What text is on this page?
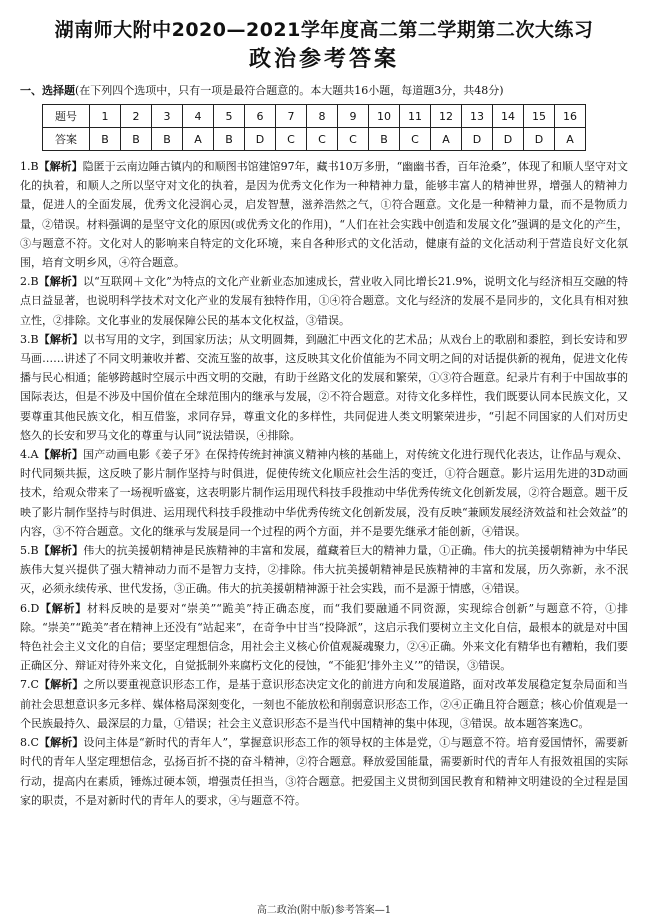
湖南师大附中2020—2021学年度高二第二学期第二次大练习
政治参考答案

一、选择题(在下列四个选项中，只有一项是最符合题意的。本大题共16小题，每道题3分，共48分)

题号	1	2	3	4	5	6	7	8	9	10	11	12	13	14	15	16
答案	B	B	B	A	B	D	C	C	C	B	C	A	D	D	D	A

1.B【解析】隐匿于云南边陲古镇内的和顺图书馆建馆97年，藏书10万多册，“幽幽书香，百年沧桑”，体现了和顺人坚守对文化的执着，和顺人之所以坚守对文化的执着，是因为优秀文化作为一种精神力量，能够丰富人的精神世界，增强人的精神力量，促进人的全面发展，优秀文化浸润心灵，启发智慧，滋养浩然之气，①符合题意。文化是一种精神力量，而不是物质力量，②错误。材料强调的是坚守文化的原因(或优秀文化的作用)，“人们在社会实践中创造和发展文化”强调的是文化的产生，③与题意不符。文化对人的影响来自特定的文化环境，来自各种形式的文化活动，健康有益的文化活动利于营造良好文化氛围，培育文明乡风，④符合题意。

2.B【解析】以“互联网＋文化”为特点的文化产业新业态加速成长，营业收入同比增长21.9%，说明文化与经济相互交融的特点日益显著，也说明科学技术对文化产业的发展有独特作用，①④符合题意。文化与经济的发展不是同步的，文化具有相对独立性，②排除。文化事业的发展保障公民的基本文化权益，③错误。

3.B【解析】以书写用的文字，到国家历法；从文明圆舞，到融汇中西文化的艺术品；从戏台上的歌剧和黍腔，到长安诗和罗马画……讲述了不同文明兼收并蓄、交流互鉴的故事，这反映其文化价值能为不同文明之间的对话提供新的视角，促进文化传播与民心相通；能够跨越时空展示中西文明的交融，有助于丝路文化的发展和繁荣，①③符合题意。纪录片有利于中国故事的国际表达，但是不涉及中国价值在全球范围内的继承与发展，②不符合题意。对待文化多样性，我们既要认同本民族文化，又要尊重其他民族文化，相互借鉴，求同存异，尊重文化的多样性，共同促进人类文明繁荣进步，“引起不同国家的人们对历史悠久的长安和罗马文化的尊重与认同”说法错误，④排除。

4.A【解析】国产动画电影《姜子牙》在保持传统封神演义精神内核的基础上，对传统文化进行现代化表达，让作品与观众、时代同频共振，这反映了影片制作坚持与时俱进，促使传统文化顺应社会生活的变迁，①符合题意。影片运用先进的3D动画技术，给观众带来了一场视听盛宴，这表明影片制作运用现代科技手段推动中华优秀传统文化创新发展，②符合题意。题干反映了影片制作坚持与时俱进、运用现代科技手段推动中华优秀传统文化创新发展，没有反映“兼顾发展经济效益和社会效益”的内容，③不符合题意。文化的继承与发展是同一个过程的两个方面，并不是要先继承才能创新，④错误。

5.B【解析】伟大的抗美援朝精神是民族精神的丰富和发展，蕴藏着巨大的精神力量，①正确。伟大的抗美援朝精神为中华民族伟大复兴提供了强大精神动力而不是智力支持，②排除。伟大抗美援朝精神是民族精神的丰富和发展，历久弥新，永不泯灭，必须永续传承、世代发扬，③正确。伟大的抗美援朝精神源于社会实践，而不是源于情感，④错误。

6.D【解析】材料反映的是要对“崇美”“跪美”持正确态度，而“我们要融通不同资源，实现综合创新”与题意不符，①排除。“崇美”“跪美”者在精神上还没有“站起来”，在奇争中甘当“投降派”，这启示我们要树立主文化自信，最根本的就是对中国特色社会主义文化的自信；要坚定理想信念，用社会主义核心价值观凝魂聚力，②④正确。外来文化有精华也有糟粕，我们要正确区分、辩证对待外来文化，自觉抵制外来腐朽文化的侵蚀，“不能犯‘排外主义’”的错误，③错误。

7.C【解析】之所以要重视意识形态工作，是基于意识形态决定文化的前进方向和发展道路，面对改革发展稳定复杂局面和当前社会思想意识多元多样、媒体格局深刻变化，一刻也不能放松和削弱意识形态工作，②④正确且符合题意；核心价值观是一个民族最持久、最深层的力量，①错误；社会主义意识形态不是当代中国精神的集中体现，③错误。故本题答案选C。

8.C【解析】设问主体是“新时代的青年人”，掌握意识形态工作的领导权的主体是党，①与题意不符。培育爱国情怀，需要新时代的青年人坚定理想信念，弘扬百折不挠的奋斗精神，②符合题意。释放爱国能量，需要新时代的青年人有报效祖国的实际行动，提高内在素质，锤炼过硬本领，增强责任担当，③符合题意。把爱国主义贯彻到国民教育和精神文明建设的全过程是国家的职责，不是对新时代的青年人的要求，④与题意不符。

高二政治(附中版)参考答案—1
